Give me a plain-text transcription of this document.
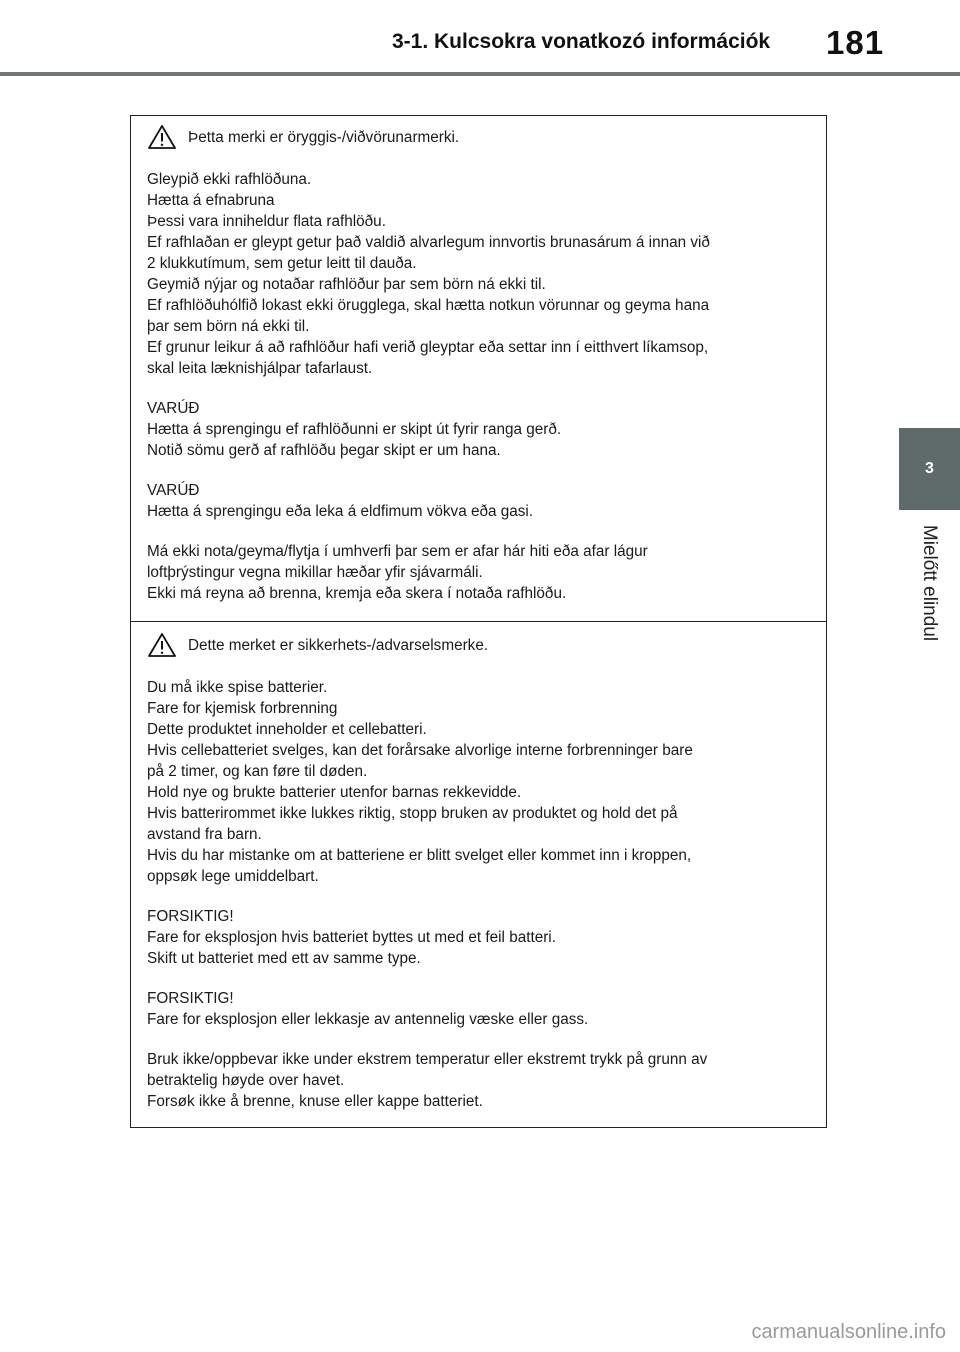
3-1. Kulcsokra vonatkozó információk 181
3
Mielőtt elindul
Þetta merki er öryggis-/viðvörunarmerki.
Gleypið ekki rafhlöðuna.
Hætta á efnabruna
Þessi vara inniheldur flata rafhlöðu.
Ef rafhlaðan er gleypt getur það valdið alvarlegum innvortis brunasárum á innan við
2 klukkutímum, sem getur leitt til dauða.
Geymið nýjar og notaðar rafhlöður þar sem börn ná ekki til.
Ef rafhlöðuhólfið lokast ekki örugglega, skal hætta notkun vörunnar og geyma hana
þar sem börn ná ekki til.
Ef grunur leikur á að rafhlöður hafi verið gleyptar eða settar inn í eitthvert líkamsop,
skal leita læknishjálpar tafarlaust.
VARÚÐ
Hætta á sprengingu ef rafhlöðunni er skipt út fyrir ranga gerð.
Notið sömu gerð af rafhlöðu þegar skipt er um hana.
VARÚÐ
Hætta á sprengingu eða leka á eldfimum vökva eða gasi.
Má ekki nota/geyma/flytja í umhverfi þar sem er afar hár hiti eða afar lágur
loftþrýstingur vegna mikillar hæðar yfir sjávarmáli.
Ekki má reyna að brenna, kremja eða skera í notaða rafhlöðu.
Dette merket er sikkerhets-/advarselsmerke.
Du må ikke spise batterier.
Fare for kjemisk forbrenning
Dette produktet inneholder et cellebatteri.
Hvis cellebatteriet svelges, kan det forårsake alvorlige interne forbrenninger bare
på 2 timer, og kan føre til døden.
Hold nye og brukte batterier utenfor barnas rekkevidde.
Hvis batterirommet ikke lukkes riktig, stopp bruken av produktet og hold det på
avstand fra barn.
Hvis du har mistanke om at batteriene er blitt svelget eller kommet inn i kroppen,
oppsøk lege umiddelbart.
FORSIKTIG!
Fare for eksplosjon hvis batteriet byttes ut med et feil batteri.
Skift ut batteriet med ett av samme type.
FORSIKTIG!
Fare for eksplosjon eller lekkasje av antennelig væske eller gass.
Bruk ikke/oppbevar ikke under ekstrem temperatur eller ekstremt trykk på grunn av
betraktelig høyde over havet.
Forsøk ikke å brenne, knuse eller kappe batteriet.
carmanualsonline.info
